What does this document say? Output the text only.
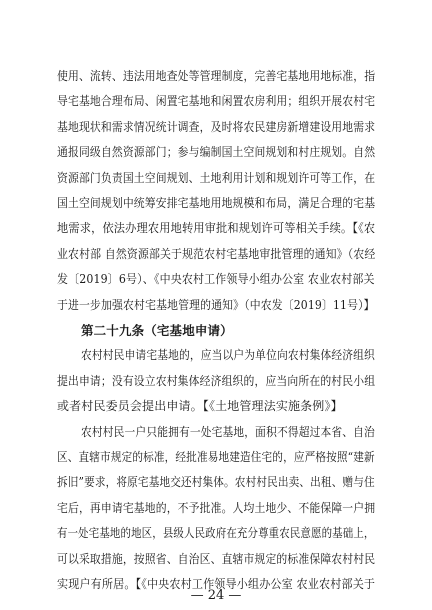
使用、流转、违法用地查处等管理制度，完善宅基地用地标准，指
导宅基地合理布局、闲置宅基地和闲置农房利用；组织开展农村宅
基地现状和需求情况统计调查，及时将农民建房新增建设用地需求
通报同级自然资源部门；参与编制国土空间规划和村庄规划。自然
资源部门负责国土空间规划、土地利用计划和规划许可等工作，在
国土空间规划中统筹安排宅基地用地规模和布局，满足合理的宅基
地需求，依法办理农用地转用审批和规划许可等相关手续。【《农
业农村部 自然资源部关于规范农村宅基地审批管理的通知》（农经
发〔2019〕6号）、《中央农村工作领导小组办公室 农业农村部关
于进一步加强农村宅基地管理的通知》（中农发〔2019〕11号）】
第二十九条（宅基地申请）
农村村民申请宅基地的，应当以户为单位向农村集体经济组织
提出申请；没有设立农村集体经济组织的，应当向所在的村民小组
或者村民委员会提出申请。【《土地管理法实施条例》】
农村村民一户只能拥有一处宅基地，面积不得超过本省、自治
区、直辖市规定的标准，经批准易地建造住宅的，应严格按照“建新
拆旧”要求，将原宅基地交还村集体。农村村民出卖、出租、赠与住
宅后，再申请宅基地的，不予批准。人均土地少、不能保障一户拥
有一处宅基地的地区，县级人民政府在充分尊重农民意愿的基础上，
可以采取措施，按照省、自治区、直辖市规定的标准保障农村村民
实现户有所居。【《中央农村工作领导小组办公室 农业农村部关于
— 24 —
